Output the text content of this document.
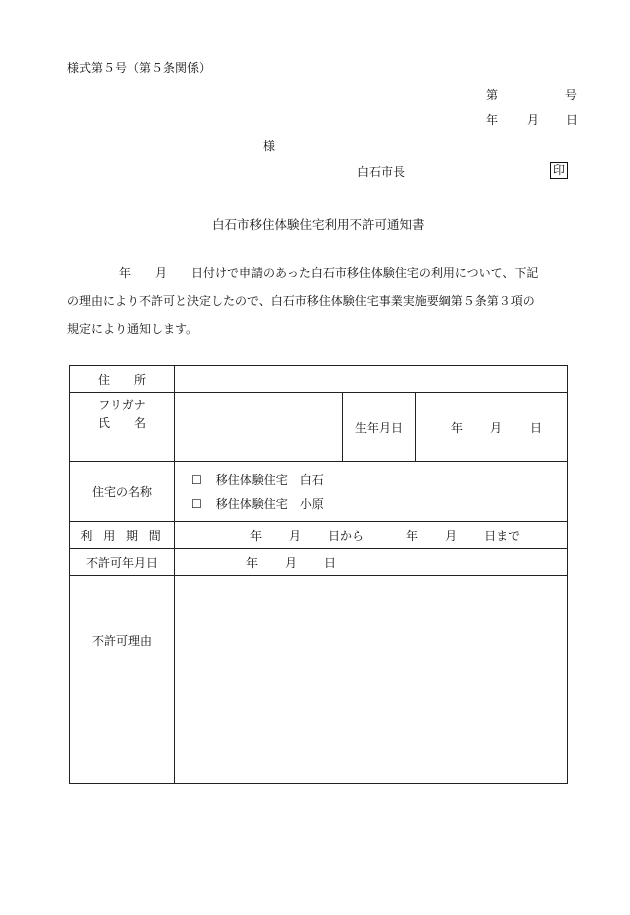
様式第５号（第５条関係）
第	号
年 月 日
様
白石市長	印
白石市移住体験住宅利用不許可通知書

年 月 日付けで申請のあった白石市移住体験住宅の利用について、下記

の理由により不許可と決定したので、白石市移住体験住宅事業実施要綱第５条第３項の

規定により通知します。

住　　所			

フリガナ
氏　　名		生年月日	年 月 日
住宅の名称	☐ 移住体験住宅　白石
☐ 移住体験住宅　小原		

利用期間	年 月 日から 年 月 日まで		
不許可年月日	年 月 日		
不許可理由			
